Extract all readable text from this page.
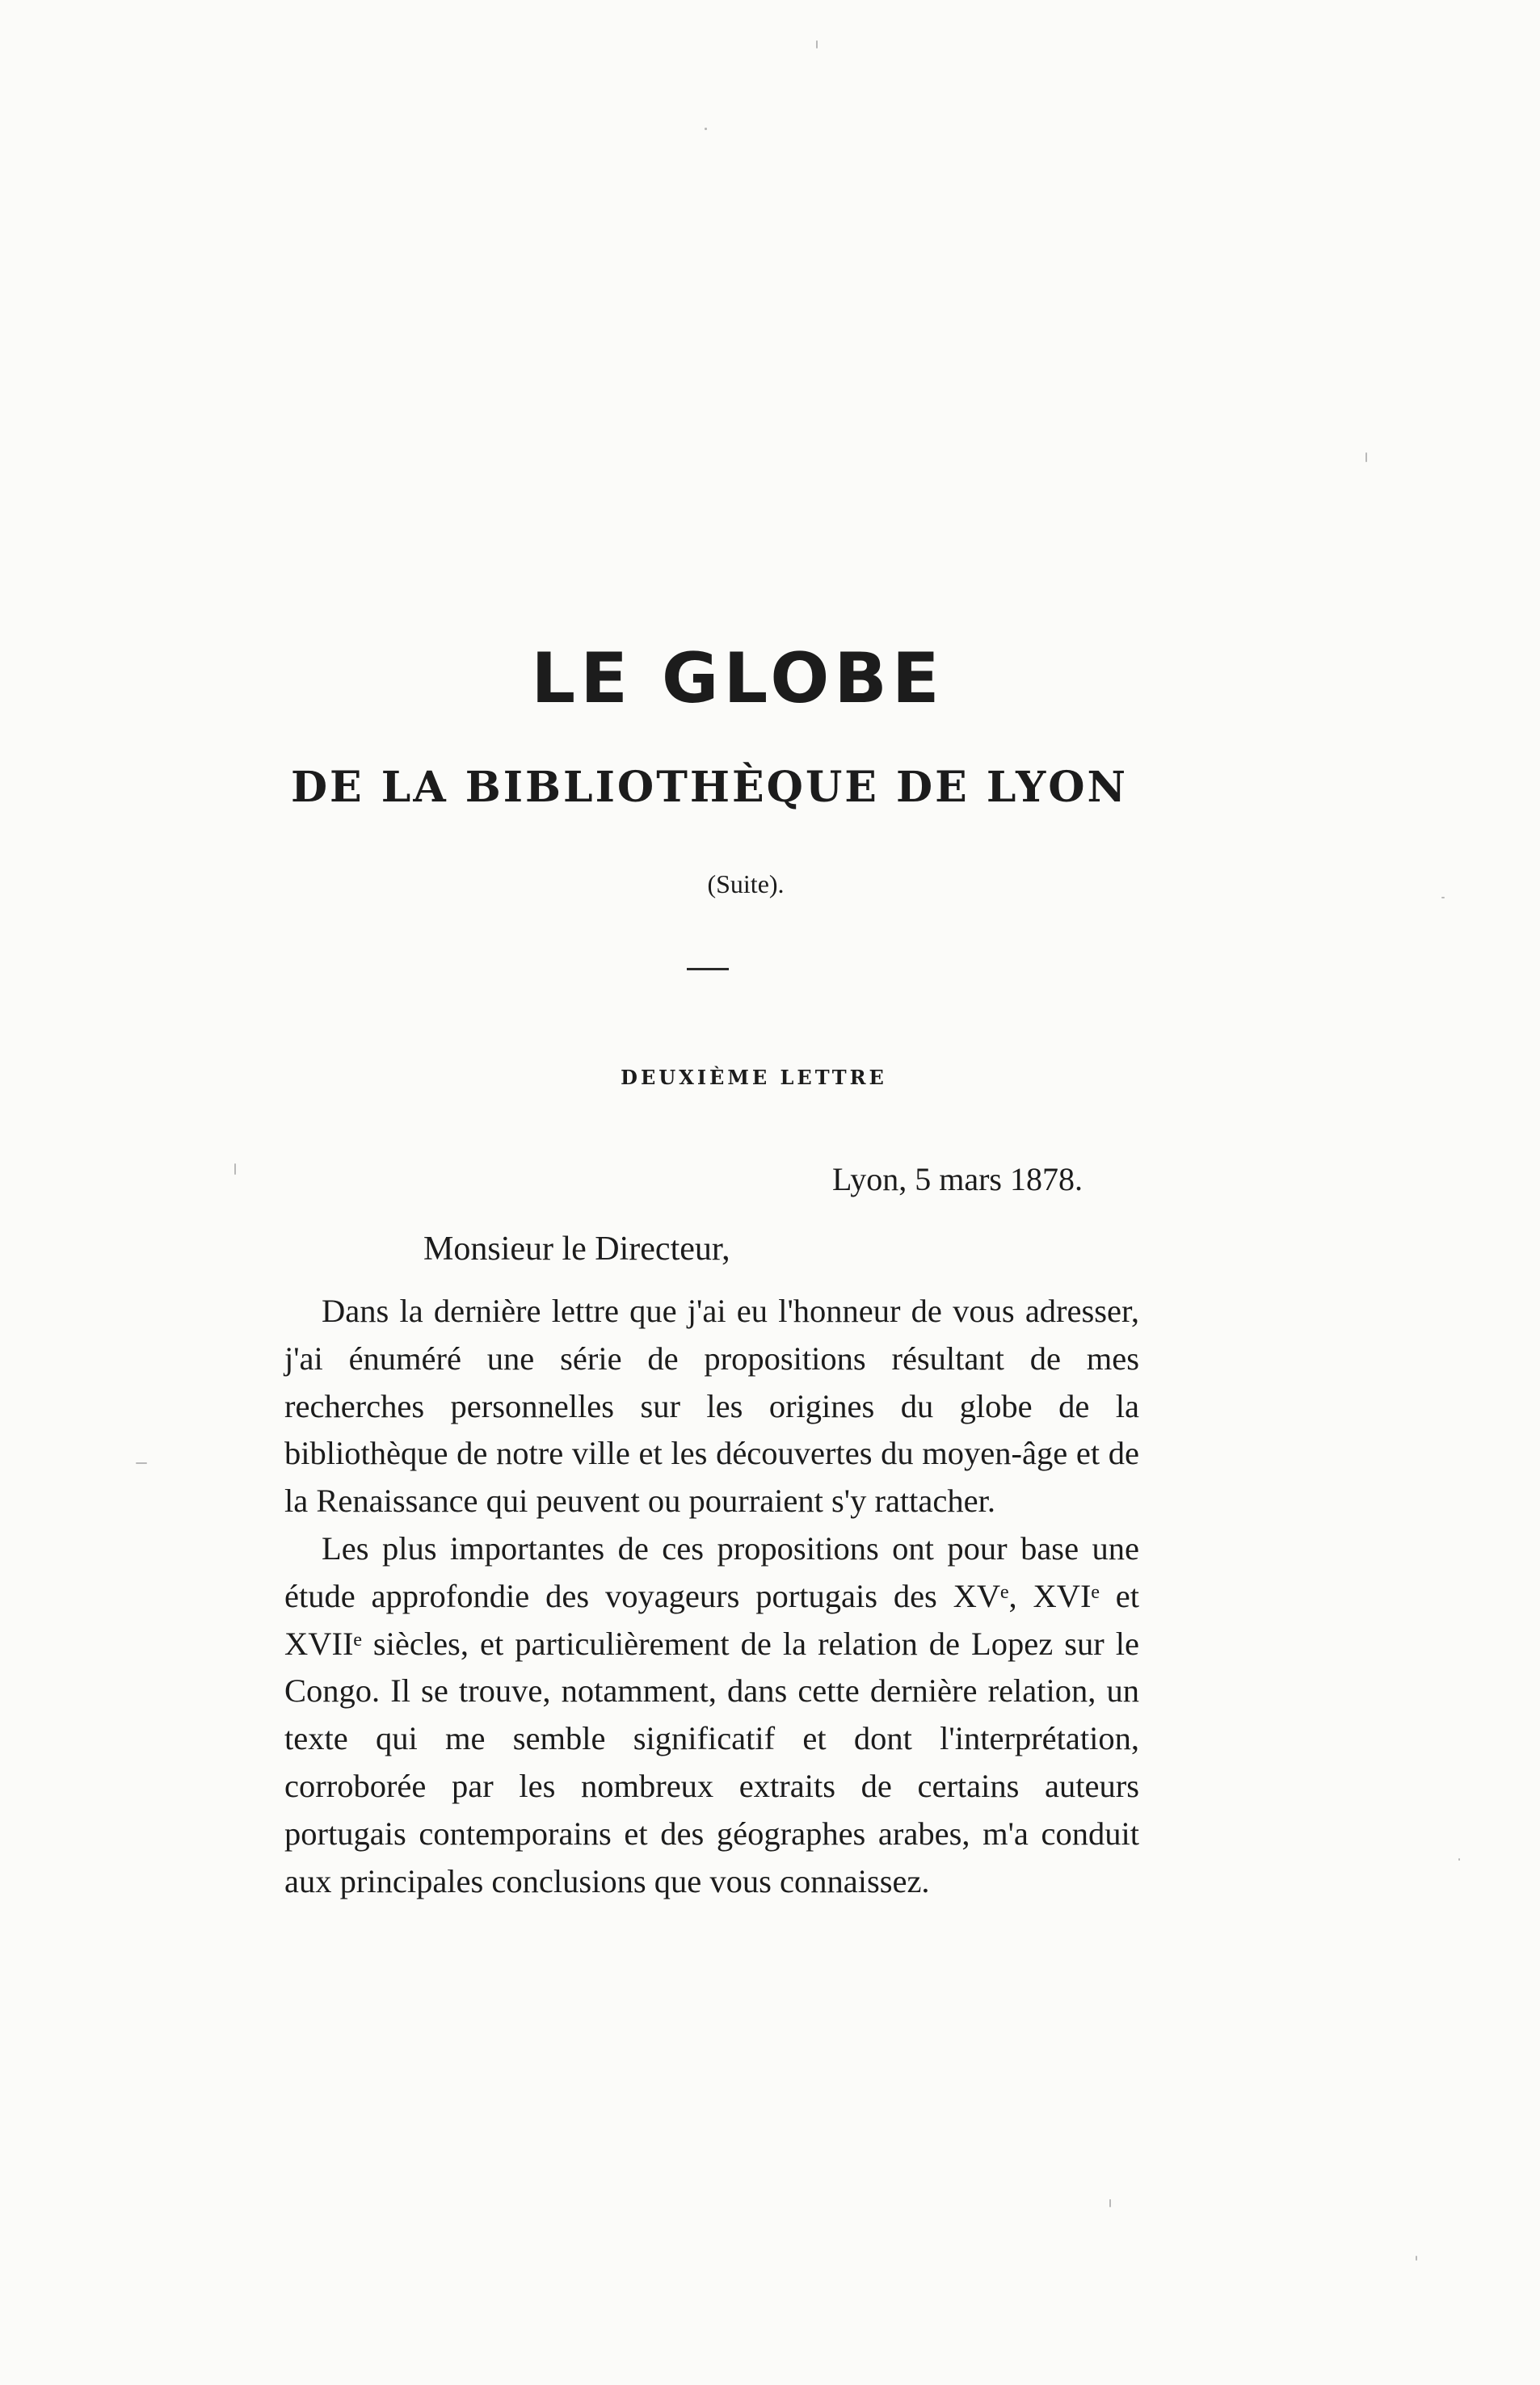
LE GLOBE
DE LA BIBLIOTHÈQUE DE LYON
(Suite).
DEUXIÈME LETTRE
Lyon, 5 mars 1878.
Monsieur le Directeur,

Dans la dernière lettre que j'ai eu l'honneur de vous adresser, j'ai énuméré une série de propositions résultant de mes recherches personnelles sur les origines du globe de la bibliothèque de notre ville et les découvertes du moyen-âge et de la Renaissance qui peuvent ou pourraient s'y rattacher.

Les plus importantes de ces propositions ont pour base une étude approfondie des voyageurs portugais des XVᵉ, XVIᵉ et XVIIᵉ siècles, et particulièrement de la relation de Lopez sur le Congo. Il se trouve, notamment, dans cette dernière relation, un texte qui me semble significatif et dont l'interprétation, corroborée par les nombreux extraits de certains auteurs portugais contemporains et des géographes arabes, m'a conduit aux principales conclusions que vous connaissez.
